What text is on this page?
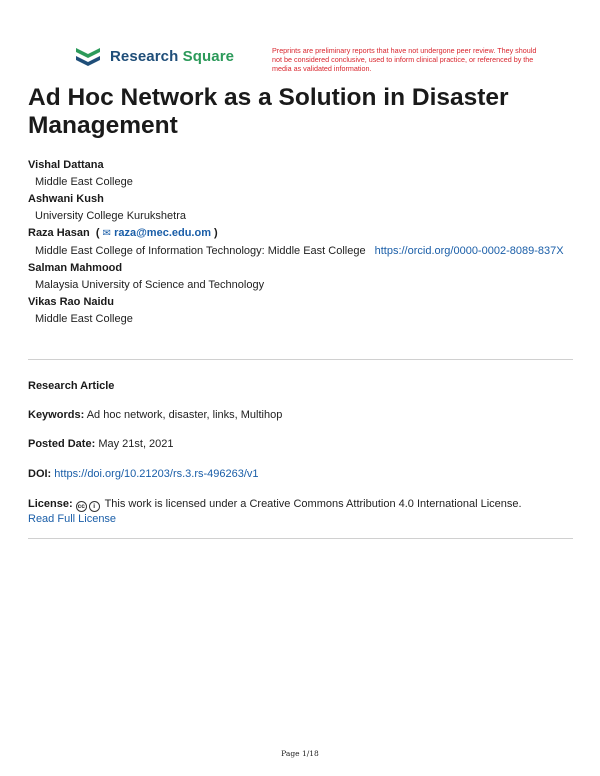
Research Square	Preprints are preliminary reports that have not undergone peer review. They should not be considered conclusive, used to inform clinical practice, or referenced by the media as validated information.
Ad Hoc Network as a Solution in Disaster Management
Vishal Dattana
Middle East College
Ashwani Kush
University College Kurukshetra
Raza Hasan  ( ✉ raza@mec.edu.om )
Middle East College of Information Technology: Middle East College https://orcid.org/0000-0002-8089-837X
Salman Mahmood
Malaysia University of Science and Technology
Vikas Rao Naidu
Middle East College
Research Article
Keywords: Ad hoc network, disaster, links, Multihop
Posted Date: May 21st, 2021
DOI: https://doi.org/10.21203/rs.3.rs-496263/v1
License: cc i This work is licensed under a Creative Commons Attribution 4.0 International License.
Read Full License
Page 1/18
